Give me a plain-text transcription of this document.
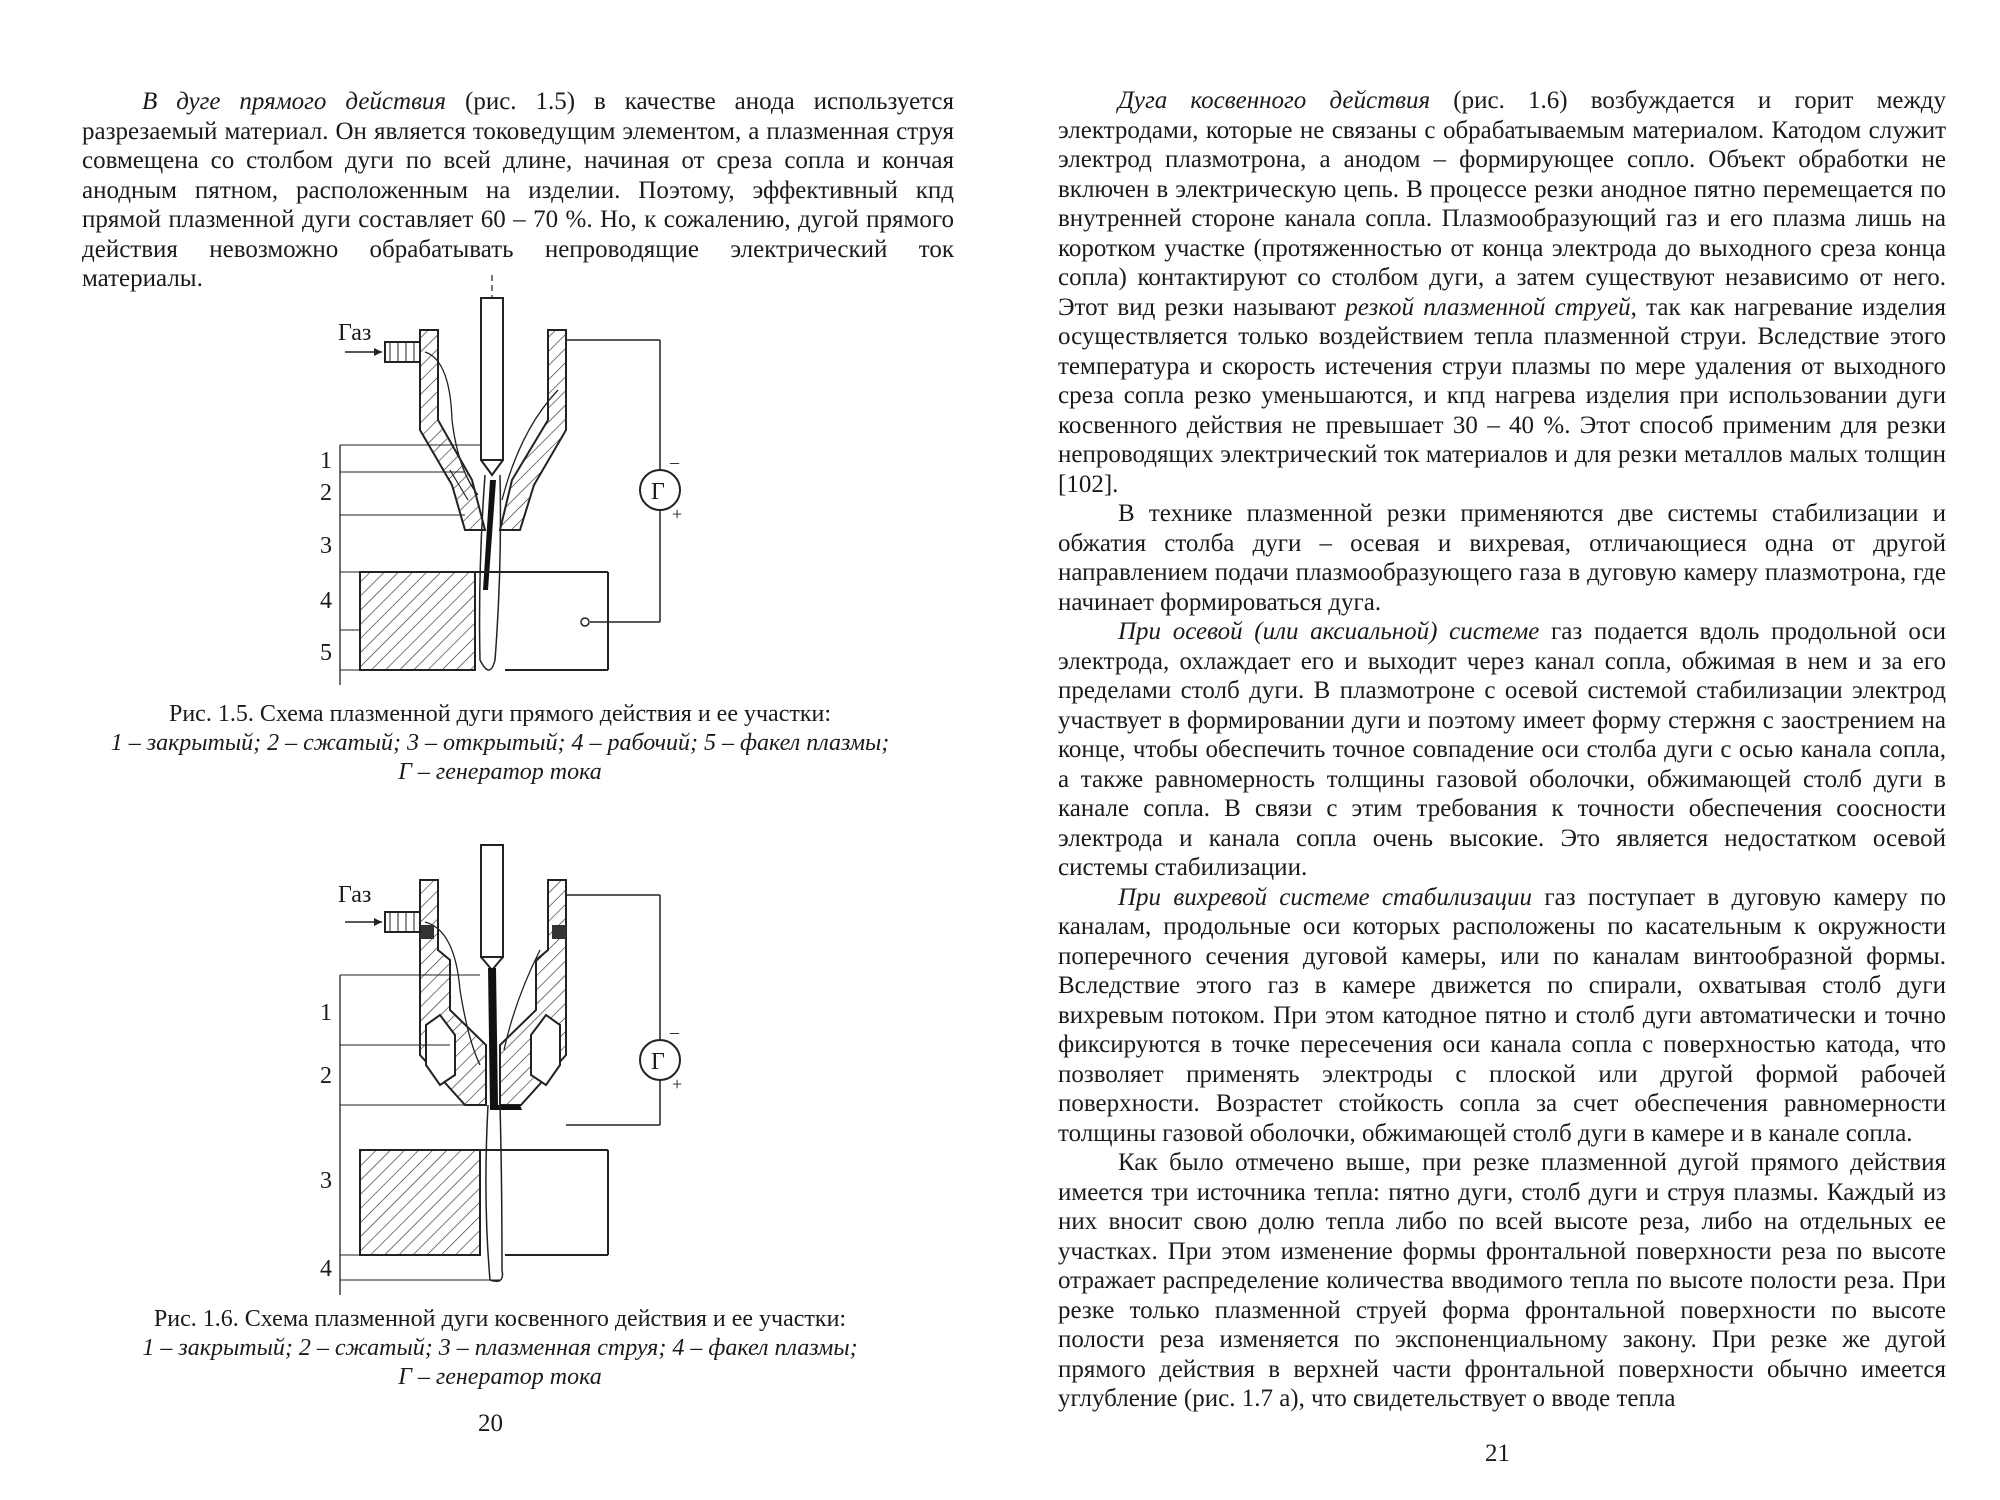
В дуге прямого действия (рис. 1.5) в качестве анода используется разрезаемый материал. Он является токоведущим элементом, а плазменная струя совмещена со столбом дуги по всей длине, начиная от среза сопла и кончая анодным пятном, расположенным на изделии. Поэтому, эффективный кпд прямой плазменной дуги составляет 60 – 70 %. Но, к сожалению, дугой прямого действия невозможно обрабатывать непроводящие электрический ток материалы.

Газ
Г
–
+
1
2
3
4
5
Рис. 1.5. Схема плазменной дуги прямого действия и ее участки:
1 – закрытый; 2 – сжатый; 3 – открытый; 4 – рабочий; 5 – факел плазмы;
Г – генератор тока
Газ
Г
–
+
1
2
3
4
Рис. 1.6. Схема плазменной дуги косвенного действия и ее участки:
1 – закрытый; 2 – сжатый; 3 – плазменная струя; 4 – факел плазмы;
Г – генератор тока
20

Дуга косвенного действия (рис. 1.6) возбуждается и горит между электродами, которые не связаны с обрабатываемым материалом. Катодом служит электрод плазмотрона, а анодом – формирующее сопло. Объект обработки не включен в электрическую цепь. В процессе резки анодное пятно перемещается по внутренней стороне канала сопла. Плазмообразующий газ и его плазма лишь на коротком участке (протяженностью от конца электрода до выходного среза конца сопла) контактируют со столбом дуги, а затем существуют независимо от него. Этот вид резки называют резкой плазменной струей, так как нагревание изделия осуществляется только воздействием тепла плазменной струи. Вследствие этого температура и скорость истечения струи плазмы по мере удаления от выходного среза сопла резко уменьшаются, и кпд нагрева изделия при использовании дуги косвенного действия не превышает 30 – 40 %. Этот способ применим для резки непроводящих электрический ток материалов и для резки металлов малых толщин [102].

В технике плазменной резки применяются две системы стабилизации и обжатия столба дуги – осевая и вихревая, отличающиеся одна от другой направлением подачи плазмообразующего газа в дуговую камеру плазмотрона, где начинает формироваться дуга.

При осевой (или аксиальной) системе газ подается вдоль продольной оси электрода, охлаждает его и выходит через канал сопла, обжимая в нем и за его пределами столб дуги. В плазмотроне с осевой системой стабилизации электрод участвует в формировании дуги и поэтому имеет форму стержня с заострением на конце, чтобы обеспечить точное совпадение оси столба дуги с осью канала сопла, а также равномерность толщины газовой оболочки, обжимающей столб дуги в канале сопла. В связи с этим требования к точности обеспечения соосности электрода и канала сопла очень высокие. Это является недостатком осевой системы стабилизации.

При вихревой системе стабилизации газ поступает в дуговую камеру по каналам, продольные оси которых расположены по касательным к окружности поперечного сечения дуговой камеры, или по каналам винтообразной формы. Вследствие этого газ в камере движется по спирали, охватывая столб дуги вихревым потоком. При этом катодное пятно и столб дуги автоматически и точно фиксируются в точке пересечения оси канала сопла с поверхностью катода, что позволяет применять электроды с плоской или другой формой рабочей поверхности. Возрастет стойкость сопла за счет обеспечения равномерности толщины газовой оболочки, обжимающей столб дуги в камере и в канале сопла.

Как было отмечено выше, при резке плазменной дугой прямого действия имеется три источника тепла: пятно дуги, столб дуги и струя плазмы. Каждый из них вносит свою долю тепла либо по всей высоте реза, либо на отдельных ее участках. При этом изменение формы фронтальной поверхности реза по высоте отражает распределение количества вводимого тепла по высоте полости реза. При резке только плазменной струей форма фронтальной поверхности по высоте полости реза изменяется по экспоненциальному закону. При резке же дугой прямого действия в верхней части фронтальной поверхности обычно имеется углубление (рис. 1.7 а), что свидетельствует о вводе тепла

21
